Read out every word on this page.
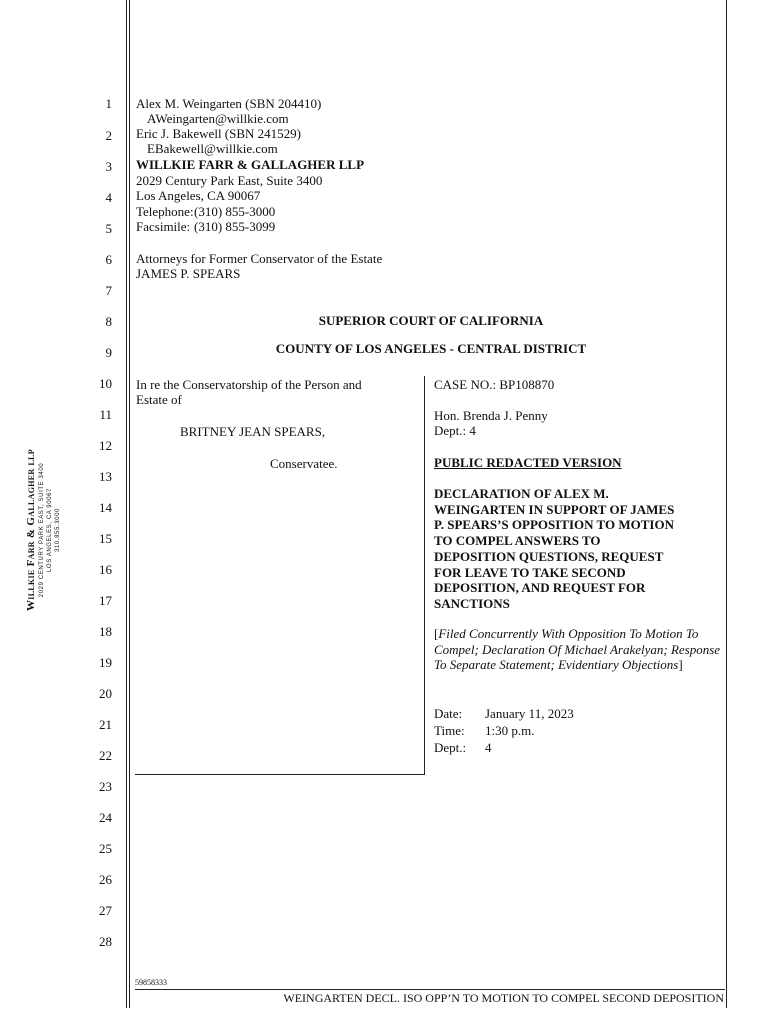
1
2
3
4
5
6
7
8
9
10
11
12
13
14
15
16
17
18
19
20
21
22
23
24
25
26
27
28
Alex M. Weingarten (SBN 204410)
AWeingarten@willkie.com
Eric J. Bakewell (SBN 241529)
EBakewell@willkie.com
WILLKIE FARR & GALLAGHER LLP
2029 Century Park East, Suite 3400
Los Angeles, CA 90067
Telephone:(310) 855-3000
Facsimile: (310) 855-3099
Attorneys for Former Conservator of the Estate
JAMES P. SPEARS
SUPERIOR COURT OF CALIFORNIA
COUNTY OF LOS ANGELES - CENTRAL DISTRICT
In re the Conservatorship of the Person and
Estate of
BRITNEY JEAN SPEARS,
Conservatee.
CASE NO.: BP108870
Hon. Brenda J. Penny
Dept.: 4
PUBLIC REDACTED VERSION
DECLARATION OF ALEX M.
WEINGARTEN IN SUPPORT OF JAMES
P. SPEARS’S OPPOSITION TO MOTION
TO COMPEL ANSWERS TO
DEPOSITION QUESTIONS, REQUEST
FOR LEAVE TO TAKE SECOND
DEPOSITION, AND REQUEST FOR
SANCTIONS
[Filed Concurrently With Opposition To Motion To Compel; Declaration Of Michael Arakelyan; Response To Separate Statement; Evidentiary Objections]
Date: January 11, 2023
Time: 1:30 p.m.
Dept.: 4
Willkie Farr & Gallagher llp 2029 CENTURY PARK EAST, SUITE 3400 LOS ANGELES, CA 90067 310.855.3000
59858333
WEINGARTEN DECL. ISO OPP’N TO MOTION TO COMPEL SECOND DEPOSITION
